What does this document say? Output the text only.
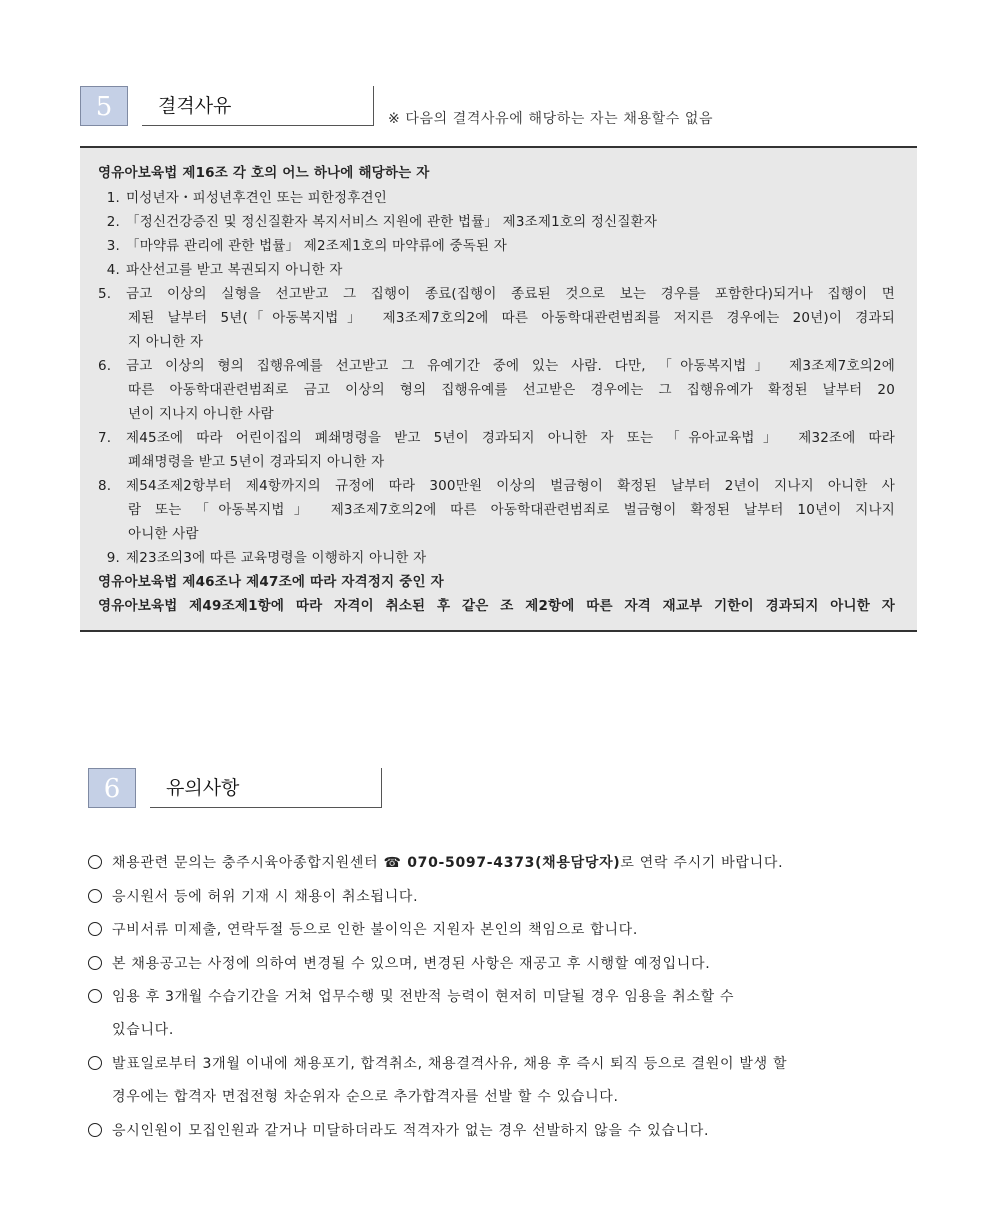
5	결격사유
※ 다음의 결격사유에 해당하는 자는 채용할수 없음
영유아보육법 제16조 각 호의 어느 하나에 해당하는 자
1. 미성년자・피성년후견인 또는 피한정후견인
2. 「정신건강증진 및 정신질환자 복지서비스 지원에 관한 법률」 제3조제1호의 정신질환자
3. 「마약류 관리에 관한 법률」 제2조제1호의 마약류에 중독된 자
4. 파산선고를 받고 복권되지 아니한 자
5. 금고 이상의 실형을 선고받고 그 집행이 종료(집행이 종료된 것으로 보는 경우를 포함한다)되거나 집행이 면
제된 날부터 5년(「아동복지법」 제3조제7호의2에 따른 아동학대관련범죄를 저지른 경우에는 20년)이 경과되
지 아니한 자
6. 금고 이상의 형의 집행유예를 선고받고 그 유예기간 중에 있는 사람. 다만, 「아동복지법」 제3조제7호의2에
따른 아동학대관련범죄로 금고 이상의 형의 집행유예를 선고받은 경우에는 그 집행유예가 확정된 날부터 20
년이 지나지 아니한 사람
7. 제45조에 따라 어린이집의 폐쇄명령을 받고 5년이 경과되지 아니한 자 또는 「유아교육법」 제32조에 따라
폐쇄명령을 받고 5년이 경과되지 아니한 자
8. 제54조제2항부터 제4항까지의 규정에 따라 300만원 이상의 벌금형이 확정된 날부터 2년이 지나지 아니한 사
람 또는 「아동복지법」 제3조제7호의2에 따른 아동학대관련범죄로 벌금형이 확정된 날부터 10년이 지나지
아니한 사람
9. 제23조의3에 따른 교육명령을 이행하지 아니한 자
영유아보육법 제46조나 제47조에 따라 자격정지 중인 자
영유아보육법 제49조제1항에 따라 자격이 취소된 후 같은 조 제2항에 따른 자격 재교부 기한이 경과되지 아니한 자
6	유의사항
채용관련 문의는 충주시육아종합지원센터 ☎ 070-5097-4373(채용담당자)로 연락 주시기 바랍니다.
응시원서 등에 허위 기재 시 채용이 취소됩니다.
구비서류 미제출, 연락두절 등으로 인한 불이익은 지원자 본인의 책임으로 합니다.
본 채용공고는 사정에 의하여 변경될 수 있으며, 변경된 사항은 재공고 후 시행할 예정입니다.
임용 후 3개월 수습기간을 거쳐 업무수행 및 전반적 능력이 현저히 미달될 경우 임용을 취소할 수
있습니다.
발표일로부터 3개월 이내에 채용포기, 합격취소, 채용결격사유, 채용 후 즉시 퇴직 등으로 결원이 발생 할
경우에는 합격자 면접전형 차순위자 순으로 추가합격자를 선발 할 수 있습니다.
응시인원이 모집인원과 같거나 미달하더라도 적격자가 없는 경우 선발하지 않을 수 있습니다.
